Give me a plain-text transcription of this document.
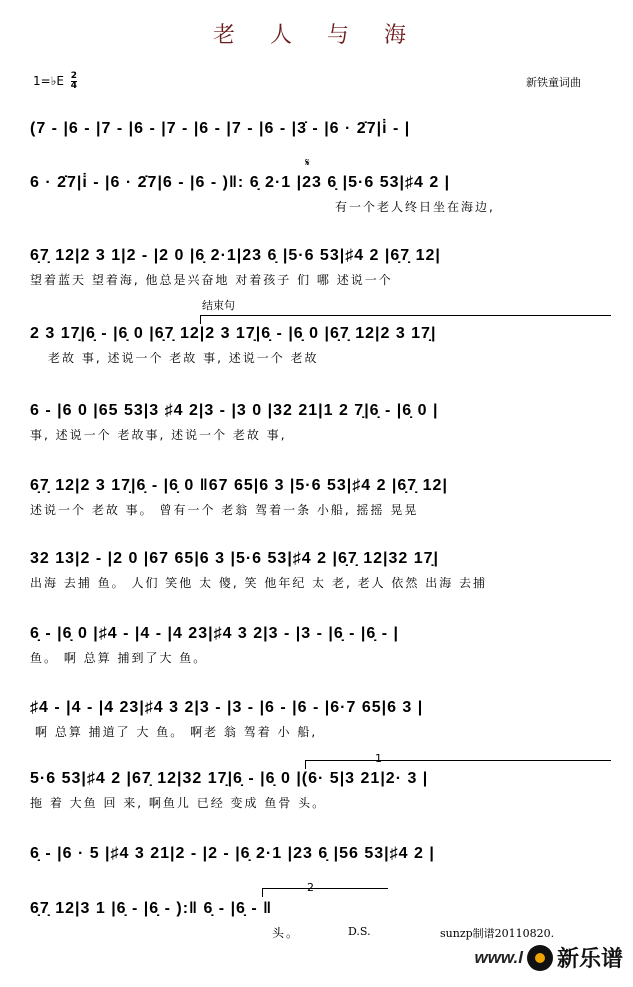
老 人 与 海
1=♭E $\frac{2}{4}$	新铁童词曲
(7 - |6 - |7 - |6 - |7 - |6 - |7 - |6 - |3̇ - |6 · 2̇7|i̇ - |
𝄋
6 · 2̇7|i̇ - |6 · 2̇7|6 - |6 - )‖: 6̣ 2·1 |23 6̣ |5·6 53|♯4 2 |
有一个老人终日坐在海边,
6̣7̣ 12|2 3 1|2 - |2 0 |6̣ 2·1|23 6̣ |5·6 53|♯4 2 |6̣7̣ 12|
望着蓝天 望着海, 他总是兴奋地 对着孩子 们 哪 述说一个
结束句
2 3 17̣|6̣ - |6̣ 0 |6̣7̣ 12|2 3 17̣|6̣ - |6̣ 0 |6̣7̣ 12|2 3 17̣|
老故 事, 述说一个 老故 事, 述说一个 老故
6 - |6 0 |65 53|3 ♯4 2|3 - |3 0 |32 21|1 2 7̣|6̣ - |6̣ 0 |
事, 述说一个 老故事, 述说一个 老故 事,
6̣7̣ 12|2 3 17̣|6̣ - |6̣ 0 ‖67 65|6 3 |5·6 53|♯4 2 |6̣7̣ 12|
述说一个 老故 事。 曾有一个 老翁 驾着一条 小船, 摇摇 晃晃
32 13|2 - |2 0 |67 65|6 3 |5·6 53|♯4 2 |6̣7̣ 12|32 17̣|
出海 去捕 鱼。 人们 笑他 太 傻, 笑 他年纪 太 老, 老人 依然 出海 去捕
6̣ - |6̣ 0 |♯4 - |4 - |4 23|♯4 3 2|3 - |3 - |6̣ - |6̣ - |
鱼。 啊 总算 捕到了大 鱼。
♯4 - |4 - |4 23|♯4 3 2|3 - |3 - |6 - |6 - |6·7 65|6 3 |
啊 总算 捕道了 大 鱼。 啊老 翁 驾着 小 船,
1
5·6 53|♯4 2 |67̣ 12|32 17̣|6̣ - |6̣ 0 |(6· 5|3 21|2· 3 |
拖 着 大鱼 回 来, 啊鱼儿 已经 变成 鱼骨 头。
6̣ - |6 · 5 |♯4 3 21|2 - |2 - |6̣ 2·1 |23 6̣ |56 53|♯4 2 |
2
6̣7̣ 12|3 1 |6̣ - |6̣ - ):‖ 6̣ - |6̣ - ‖
头。	D.S.	sunzp制谱20110820.
www.l 新乐谱
